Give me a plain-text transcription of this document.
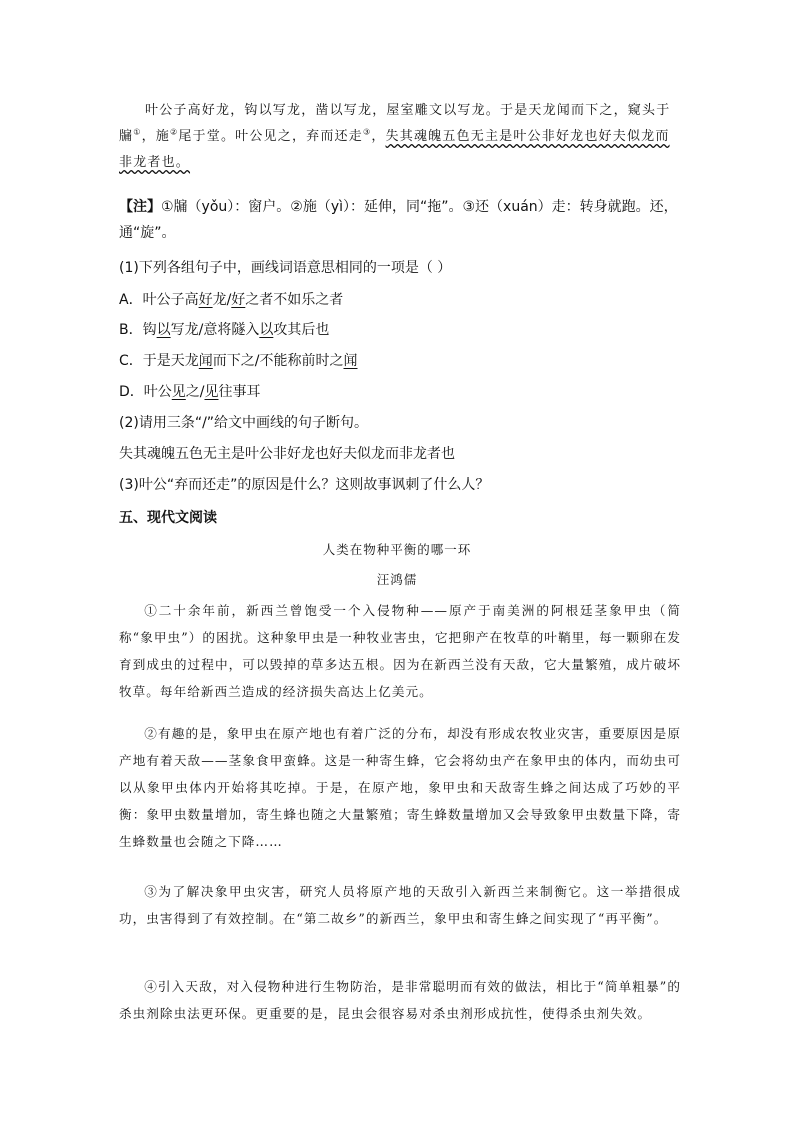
叶公子高好龙，钩以写龙，凿以写龙，屋室雕文以写龙。于是天龙闻而下之，窥头于牖①，施②尾于堂。叶公见之，弃而还走③，失其魂魄五色无主是叶公非好龙也好夫似龙而非龙者也。

【注】①牖（yǒu）：窗户。②施（yì）：延伸，同“拖”。③还（xuán）走：转身就跑。还，通“旋”。

(1)下列各组句子中，画线词语意思相同的一项是（ ）
A．叶公子高好龙/好之者不如乐之者
B．钩以写龙/意将隧入以攻其后也
C．于是天龙闻而下之/不能称前时之闻
D．叶公见之/见往事耳
(2)请用三条“/”给文中画线的句子断句。
失其魂魄五色无主是叶公非好龙也好夫似龙而非龙者也
(3)叶公“弃而还走”的原因是什么？这则故事讽刺了什么人？
五、现代文阅读
人类在物种平衡的哪一环
汪鸿儒

①二十余年前，新西兰曾饱受一个入侵物种——原产于南美洲的阿根廷茎象甲虫（简称“象甲虫”）的困扰。这种象甲虫是一种牧业害虫，它把卵产在牧草的叶鞘里，每一颗卵在发育到成虫的过程中，可以毁掉的草多达五根。因为在新西兰没有天敌，它大量繁殖，成片破坏牧草。每年给新西兰造成的经济损失高达上亿美元。

②有趣的是，象甲虫在原产地也有着广泛的分布，却没有形成农牧业灾害，重要原因是原产地有着天敌——茎象食甲蛮蜂。这是一种寄生蜂，它会将幼虫产在象甲虫的体内，而幼虫可以从象甲虫体内开始将其吃掉。于是，在原产地，象甲虫和天敌寄生蜂之间达成了巧妙的平衡：象甲虫数量增加，寄生蜂也随之大量繁殖；寄生蜂数量增加又会导致象甲虫数量下降，寄生蜂数量也会随之下降……

③为了解决象甲虫灾害，研究人员将原产地的天敌引入新西兰来制衡它。这一举措很成功，虫害得到了有效控制。在“第二故乡”的新西兰，象甲虫和寄生蜂之间实现了“再平衡”。

④引入天敌，对入侵物种进行生物防治，是非常聪明而有效的做法，相比于“简单粗暴”的杀虫剂除虫法更环保。更重要的是，昆虫会很容易对杀虫剂形成抗性，使得杀虫剂失效。
